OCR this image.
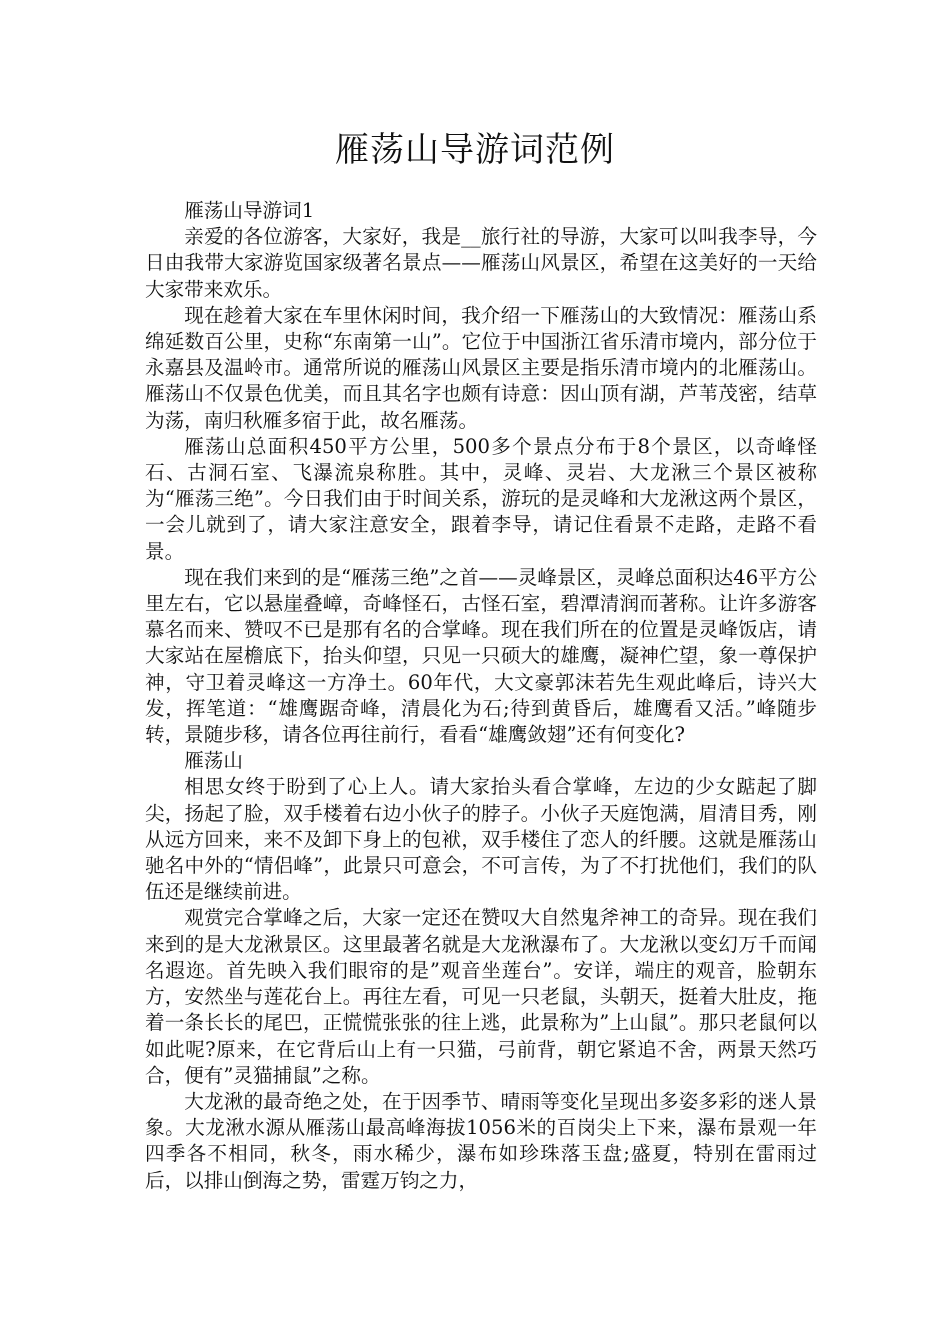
雁荡山导游词范例

雁荡山导游词1

亲爱的各位游客，大家好，我是__旅行社的导游，大家可以叫我李导，今日由我带大家游览国家级著名景点——雁荡山风景区，希望在这美好的一天给大家带来欢乐。

现在趁着大家在车里休闲时间，我介绍一下雁荡山的大致情况：雁荡山系绵延数百公里，史称“东南第一山”。它位于中国浙江省乐清市境内，部分位于永嘉县及温岭市。通常所说的雁荡山风景区主要是指乐清市境内的北雁荡山。雁荡山不仅景色优美，而且其名字也颇有诗意：因山顶有湖，芦苇茂密，结草为荡，南归秋雁多宿于此，故名雁荡。

雁荡山总面积450平方公里，500多个景点分布于8个景区，以奇峰怪石、古洞石室、飞瀑流泉称胜。其中，灵峰、灵岩、大龙湫三个景区被称为“雁荡三绝”。今日我们由于时间关系，游玩的是灵峰和大龙湫这两个景区，一会儿就到了，请大家注意安全，跟着李导，请记住看景不走路，走路不看景。

现在我们来到的是“雁荡三绝”之首——灵峰景区，灵峰总面积达46平方公里左右，它以悬崖叠嶂，奇峰怪石，古怪石室，碧潭清润而著称。让许多游客慕名而来、赞叹不已是那有名的合掌峰。现在我们所在的位置是灵峰饭店，请大家站在屋檐底下，抬头仰望，只见一只硕大的雄鹰，凝神伫望，象一尊保护神，守卫着灵峰这一方净土。60年代，大文豪郭沫若先生观此峰后，诗兴大发，挥笔道：“雄鹰踞奇峰，清晨化为石;待到黄昏后，雄鹰看又活。”峰随步转，景随步移，请各位再往前行，看看“雄鹰敛翅”还有何变化?

雁荡山

相思女终于盼到了心上人。请大家抬头看合掌峰，左边的少女踮起了脚尖，扬起了脸，双手楼着右边小伙子的脖子。小伙子天庭饱满，眉清目秀，刚从远方回来，来不及卸下身上的包袱，双手楼住了恋人的纤腰。这就是雁荡山驰名中外的“情侣峰”，此景只可意会，不可言传，为了不打扰他们，我们的队伍还是继续前进。

观赏完合掌峰之后，大家一定还在赞叹大自然鬼斧神工的奇异。现在我们来到的是大龙湫景区。这里最著名就是大龙湫瀑布了。大龙湫以变幻万千而闻名遐迩。首先映入我们眼帘的是”观音坐莲台”。安详，端庄的观音，脸朝东方，安然坐与莲花台上。再往左看，可见一只老鼠，头朝天，挺着大肚皮，拖着一条长长的尾巴，正慌慌张张的往上逃，此景称为”上山鼠”。那只老鼠何以如此呢?原来，在它背后山上有一只猫，弓前背，朝它紧追不舍，两景天然巧合，便有”灵猫捕鼠”之称。

大龙湫的最奇绝之处，在于因季节、晴雨等变化呈现出多姿多彩的迷人景象。大龙湫水源从雁荡山最高峰海拔1056米的百岗尖上下来，瀑布景观一年四季各不相同，秋冬，雨水稀少，瀑布如珍珠落玉盘;盛夏，特别在雷雨过后，以排山倒海之势，雷霆万钧之力，
